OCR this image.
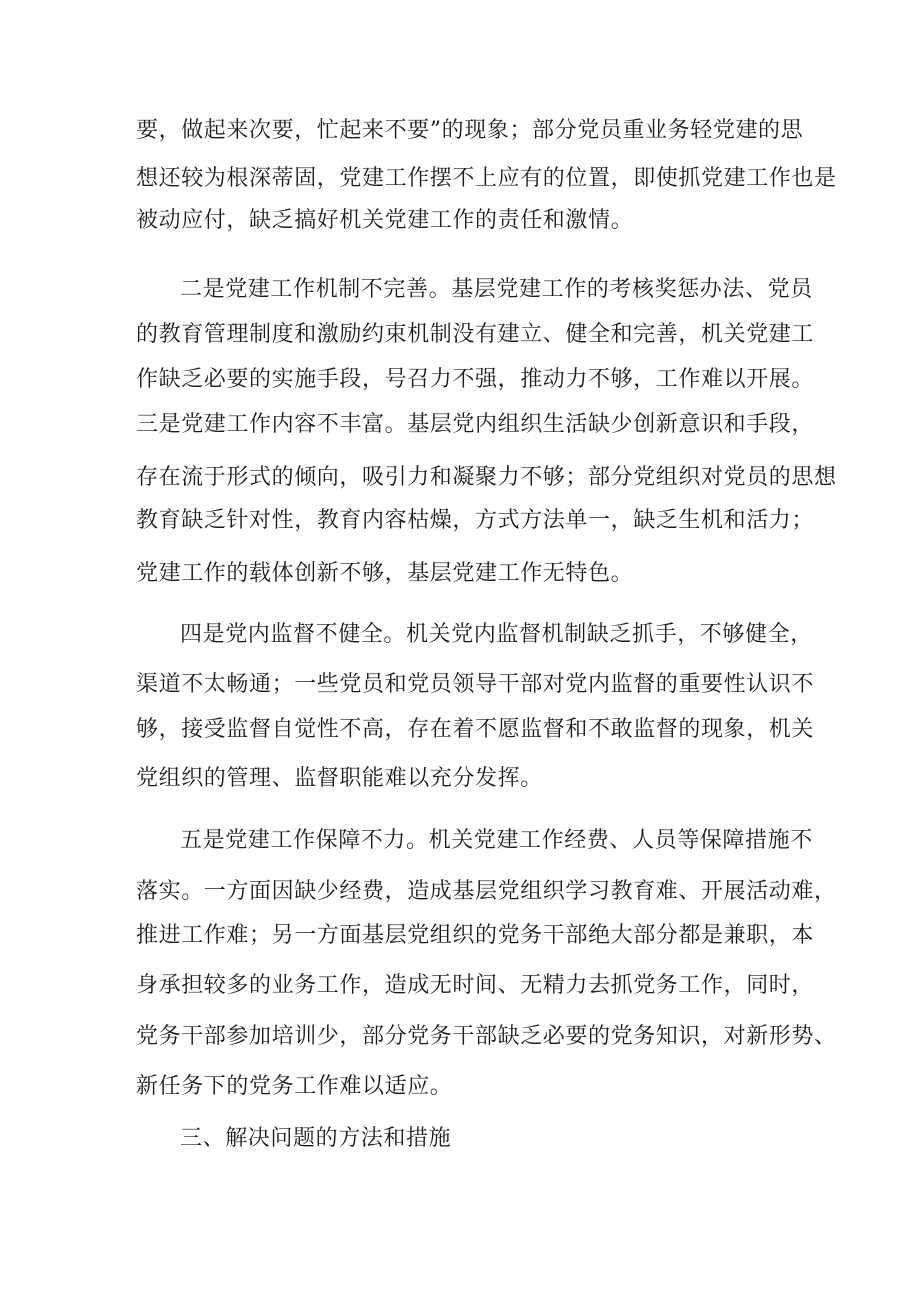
要，做起来次要，忙起来不要”的现象；部分党员重业务轻党建的思
想还较为根深蒂固，党建工作摆不上应有的位置，即使抓党建工作也是
被动应付，缺乏搞好机关党建工作的责任和激情。
二是党建工作机制不完善。基层党建工作的考核奖惩办法、党员
的教育管理制度和激励约束机制没有建立、健全和完善，机关党建工
作缺乏必要的实施手段，号召力不强，推动力不够，工作难以开展。
三是党建工作内容不丰富。基层党内组织生活缺少创新意识和手段，
存在流于形式的倾向，吸引力和凝聚力不够；部分党组织对党员的思想
教育缺乏针对性，教育内容枯燥，方式方法单一，缺乏生机和活力；
党建工作的载体创新不够，基层党建工作无特色。
四是党内监督不健全。机关党内监督机制缺乏抓手，不够健全，
渠道不太畅通；一些党员和党员领导干部对党内监督的重要性认识不
够，接受监督自觉性不高，存在着不愿监督和不敢监督的现象，机关
党组织的管理、监督职能难以充分发挥。
五是党建工作保障不力。机关党建工作经费、人员等保障措施不
落实。一方面因缺少经费，造成基层党组织学习教育难、开展活动难，
推进工作难；另一方面基层党组织的党务干部绝大部分都是兼职，本
身承担较多的业务工作，造成无时间、无精力去抓党务工作，同时，
党务干部参加培训少，部分党务干部缺乏必要的党务知识，对新形势、
新任务下的党务工作难以适应。
三、解决问题的方法和措施
